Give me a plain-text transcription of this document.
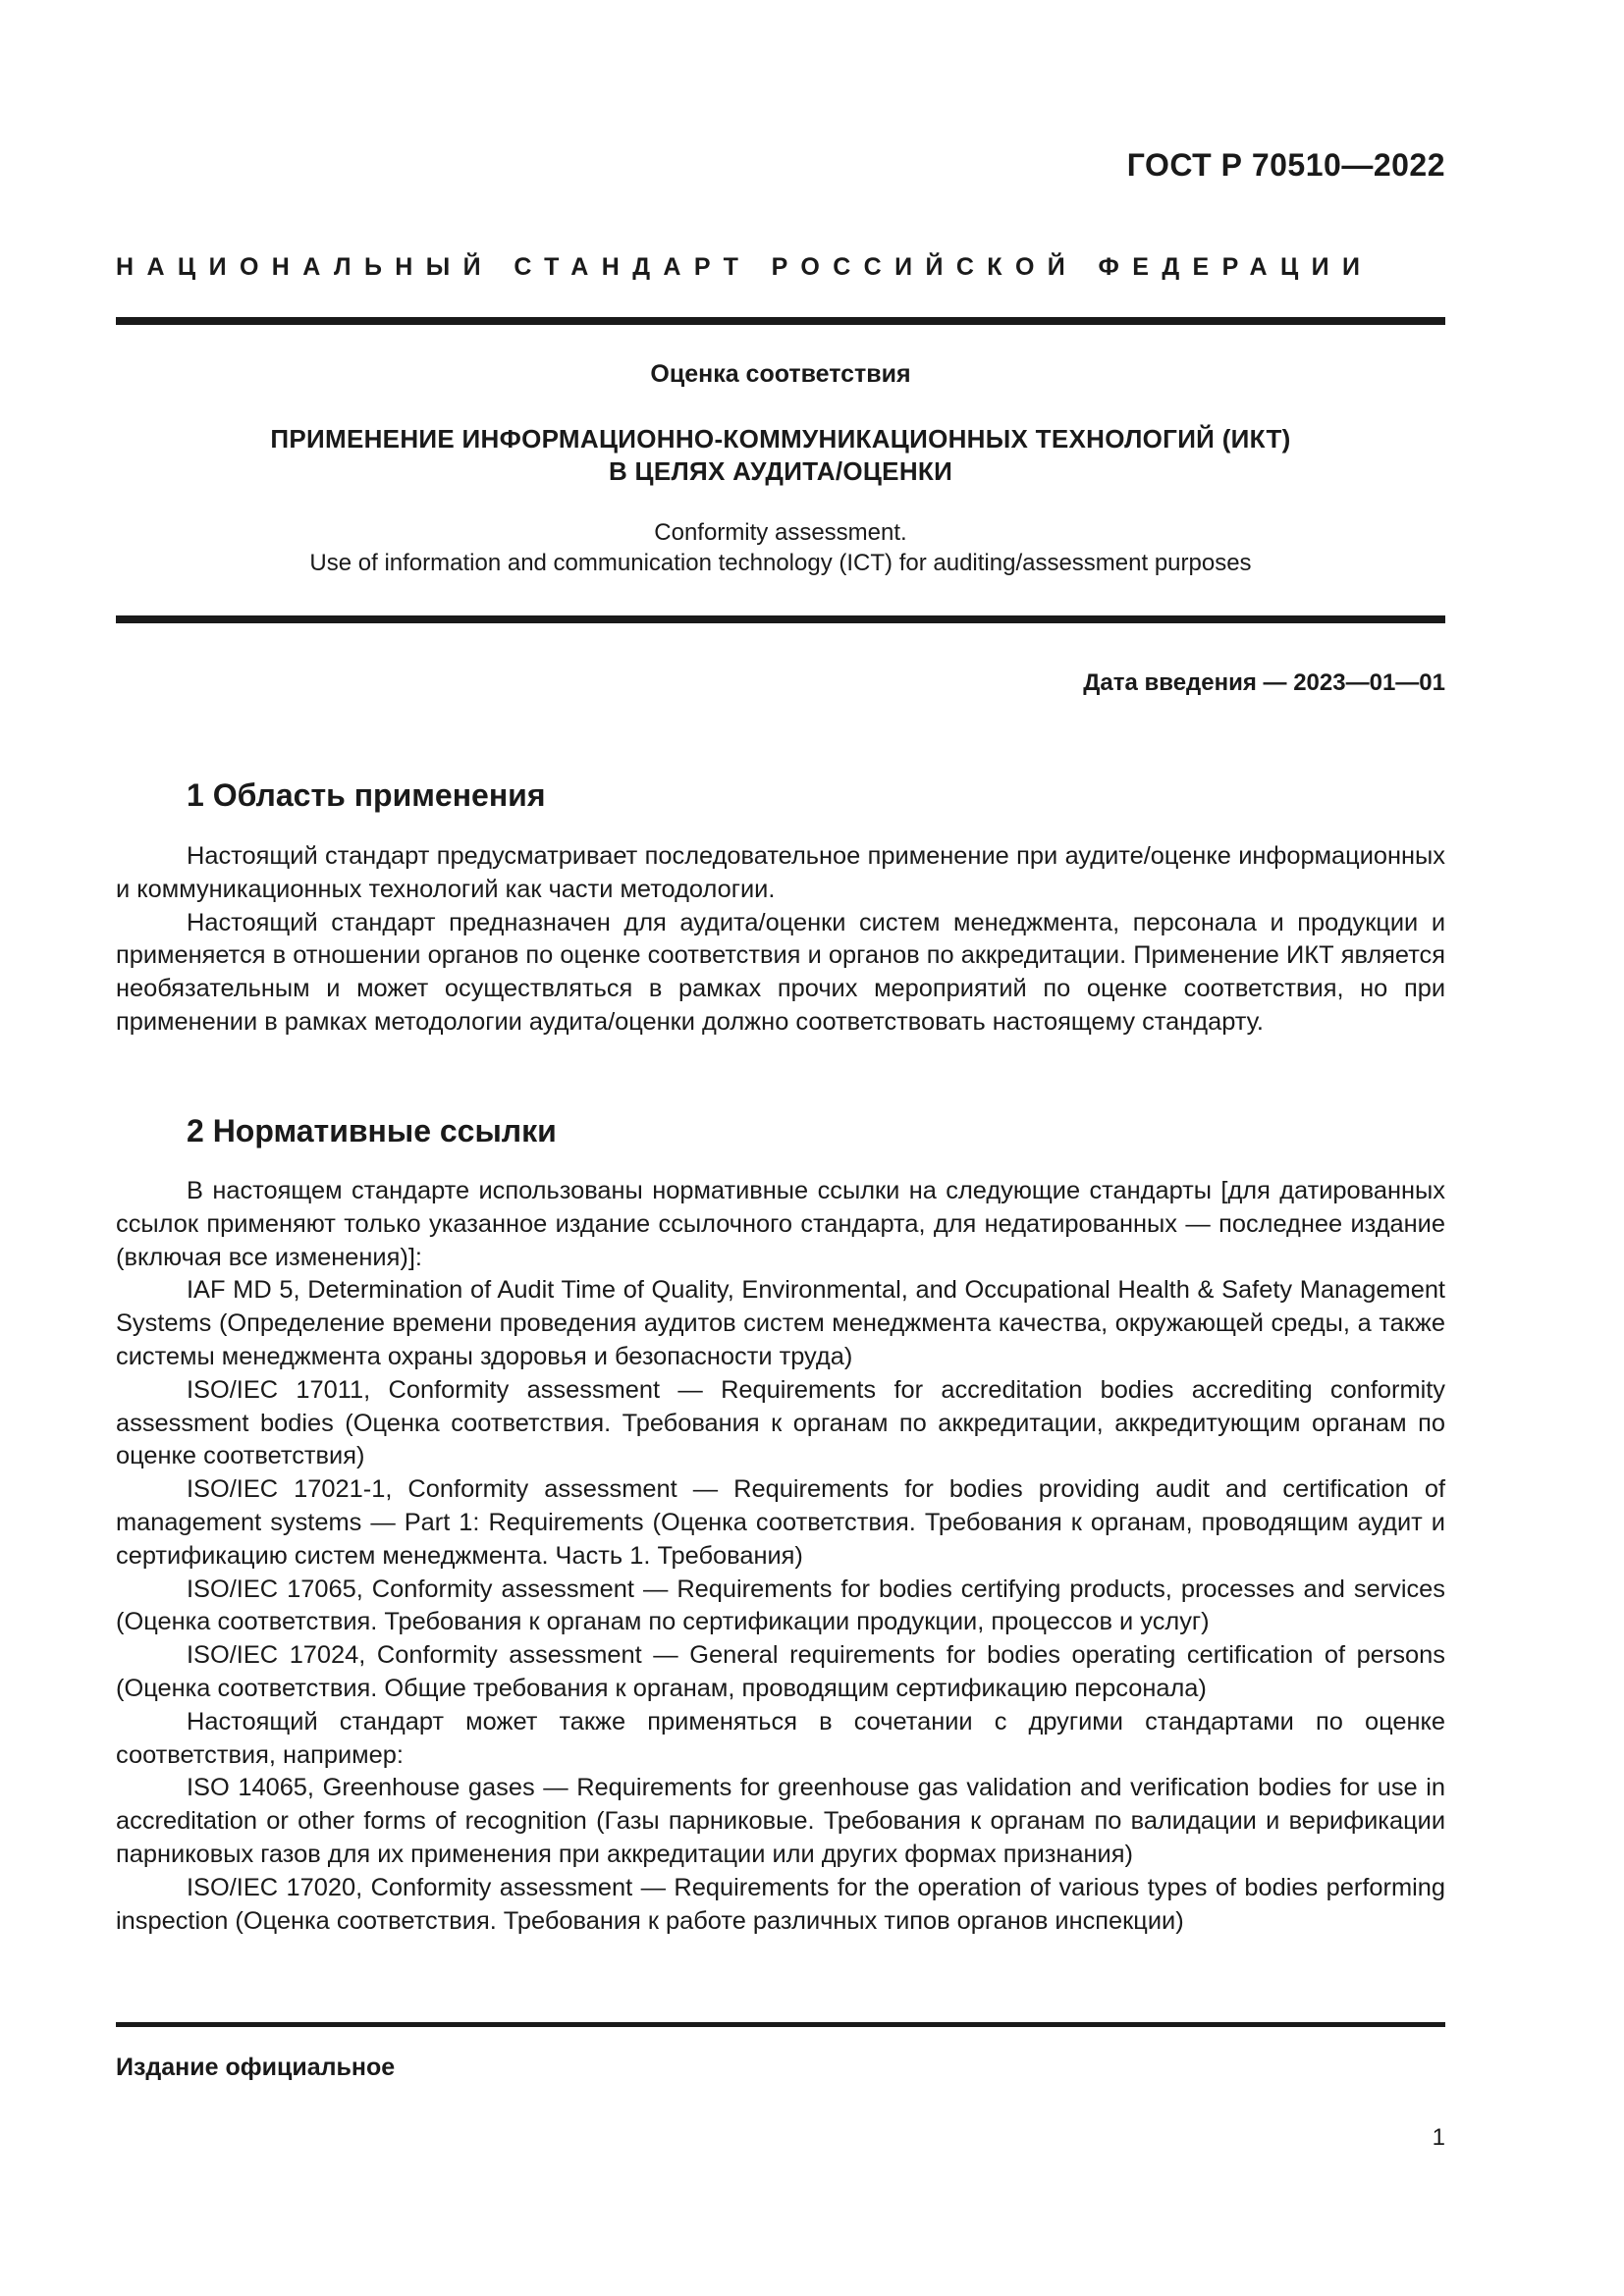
ГОСТ Р 70510—2022
НАЦИОНАЛЬНЫЙ СТАНДАРТ РОССИЙСКОЙ ФЕДЕРАЦИИ
Оценка соответствия
ПРИМЕНЕНИЕ ИНФОРМАЦИОННО-КОММУНИКАЦИОННЫХ ТЕХНОЛОГИЙ (ИКТ)
В ЦЕЛЯХ АУДИТА/ОЦЕНКИ
Conformity assessment.
Use of information and communication technology (ICT) for auditing/assessment purposes
Дата введения — 2023—01—01
1 Область применения

Настоящий стандарт предусматривает последовательное применение при аудите/оценке информационных и коммуникационных технологий как части методологии.

Настоящий стандарт предназначен для аудита/оценки систем менеджмента, персонала и продукции и применяется в отношении органов по оценке соответствия и органов по аккредитации. Применение ИКТ является необязательным и может осуществляться в рамках прочих мероприятий по оценке соответствия, но при применении в рамках методологии аудита/оценки должно соответствовать настоящему стандарту.

2 Нормативные ссылки

В настоящем стандарте использованы нормативные ссылки на следующие стандарты [для датированных ссылок применяют только указанное издание ссылочного стандарта, для недатированных — последнее издание (включая все изменения)]:

IAF MD 5, Determination of Audit Time of Quality, Environmental, and Occupational Health & Safety Management Systems (Определение времени проведения аудитов систем менеджмента качества, окружающей среды, а также системы менеджмента охраны здоровья и безопасности труда)

ISO/IEC 17011, Conformity assessment — Requirements for accreditation bodies accrediting conformity assessment bodies (Оценка соответствия. Требования к органам по аккредитации, аккредитующим органам по оценке соответствия)

ISO/IEC 17021-1, Conformity assessment — Requirements for bodies providing audit and certification of management systems — Part 1: Requirements (Оценка соответствия. Требования к органам, проводящим аудит и сертификацию систем менеджмента. Часть 1. Требования)

ISO/IEC 17065, Conformity assessment — Requirements for bodies certifying products, processes and services (Оценка соответствия. Требования к органам по сертификации продукции, процессов и услуг)

ISO/IEC 17024, Conformity assessment — General requirements for bodies operating certification of persons (Оценка соответствия. Общие требования к органам, проводящим сертификацию персонала)

Настоящий стандарт может также применяться в сочетании с другими стандартами по оценке соответствия, например:

ISO 14065, Greenhouse gases — Requirements for greenhouse gas validation and verification bodies for use in accreditation or other forms of recognition (Газы парниковые. Требования к органам по валидации и верификации парниковых газов для их применения при аккредитации или других формах признания)

ISO/IEC 17020, Conformity assessment — Requirements for the operation of various types of bodies performing inspection (Оценка соответствия. Требования к работе различных типов органов инспекции)

Издание официальное
1
